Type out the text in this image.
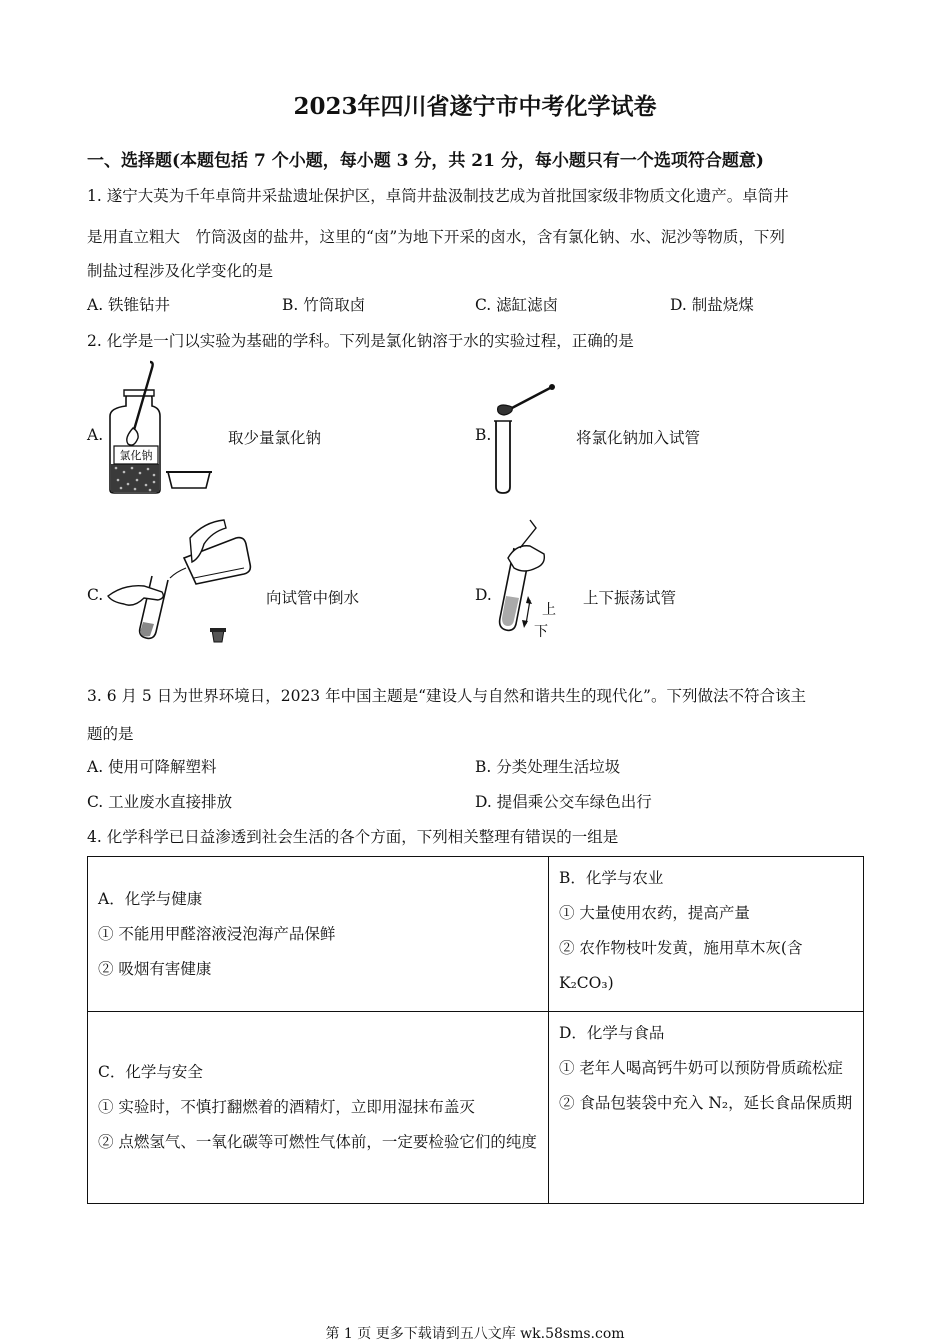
2023年四川省遂宁市中考化学试卷
一、选择题(本题包括 7 个小题，每小题 3 分，共 21 分，每小题只有一个选项符合题意)
1. 遂宁大英为千年卓筒井采盐遗址保护区，卓筒井盐汲制技艺成为首批国家级非物质文化遗产。卓筒井
是用直立粗大　竹筒汲卤的盐井，这里的“卤”为地下开采的卤水，含有氯化钠、水、泥沙等物质，下列
制盐过程涉及化学变化的是
A. 铁锥钻井	B. 竹筒取卤	C. 滤缸滤卤	D. 制盐烧煤
2. 化学是一门以实验为基础的学科。下列是氯化钠溶于水的实验过程，正确的是
A.
氯化钠
取少量氯化钠	B.	将氯化钠加入试管
C.	向试管中倒水	D.
上
下
上下振荡试管
3. 6 月 5 日为世界环境日，2023 年中国主题是“建设人与自然和谐共生的现代化”。下列做法不符合该主
题的是
A. 使用可降解塑料	B. 分类处理生活垃圾
C. 工业废水直接排放	D. 提倡乘公交车绿色出行
4. 化学科学已日益渗透到社会生活的各个方面，下列相关整理有错误的一组是
A．化学与健康
① 不能用甲醛溶液浸泡海产品保鲜
② 吸烟有害健康	B．化学与农业
① 大量使用农药，提高产量
② 农作物枝叶发黄，施用草木灰(含
K₂CO₃)

C．化学与安全
① 实验时，不慎打翻燃着的酒精灯，立即用湿抹布盖灭
② 点燃氢气、一氧化碳等可燃性气体前，一定要检验它们的纯度	D．化学与食品
① 老年人喝高钙牛奶可以预防骨质疏松症
② 食品包装袋中充入 N₂，延长食品保质期
第 1 页 更多下载请到五八文库 wk.58sms.com
